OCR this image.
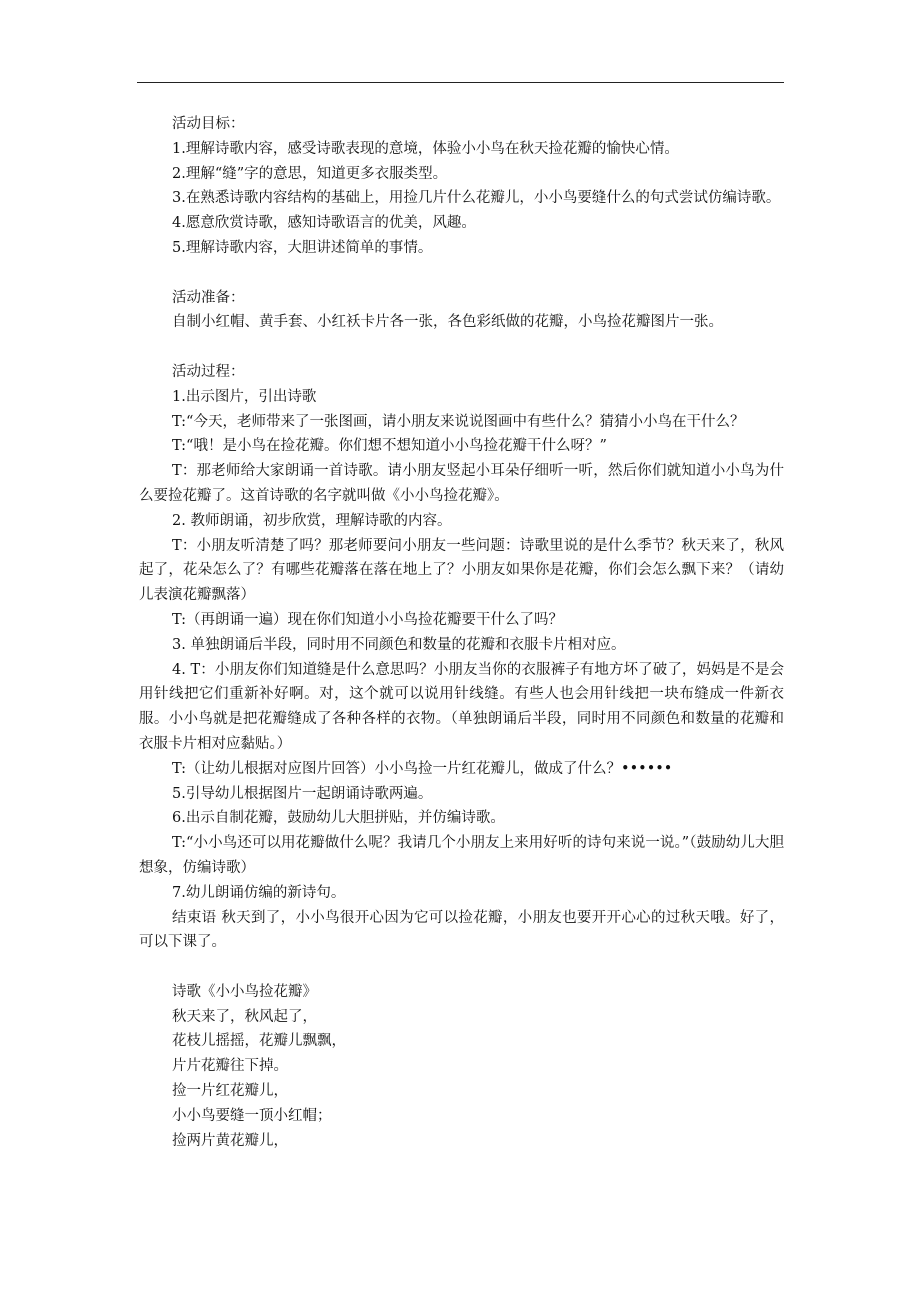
活动目标：

1.理解诗歌内容，感受诗歌表现的意境，体验小小鸟在秋天捡花瓣的愉快心情。

2.理解“缝”字的意思，知道更多衣服类型。

3.在熟悉诗歌内容结构的基础上，用捡几片什么花瓣儿，小小鸟要缝什么的句式尝试仿编诗歌。

4.愿意欣赏诗歌，感知诗歌语言的优美，风趣。

5.理解诗歌内容，大胆讲述简单的事情。

活动准备：

自制小红帽、黄手套、小红袄卡片各一张，各色彩纸做的花瓣，小鸟捡花瓣图片一张。

活动过程：

1.出示图片，引出诗歌

T:“今天，老师带来了一张图画，请小朋友来说说图画中有些什么？猜猜小小鸟在干什么？

T:“哦！是小鸟在捡花瓣。你们想不想知道小小鸟捡花瓣干什么呀？”

T：那老师给大家朗诵一首诗歌。请小朋友竖起小耳朵仔细听一听，然后你们就知道小小鸟为什么要捡花瓣了。这首诗歌的名字就叫做《小小鸟捡花瓣》。

2. 教师朗诵，初步欣赏，理解诗歌的内容。

T：小朋友听清楚了吗？那老师要问小朋友一些问题：诗歌里说的是什么季节？秋天来了，秋风起了，花朵怎么了？有哪些花瓣落在落在地上了？小朋友如果你是花瓣，你们会怎么飘下来？（请幼儿表演花瓣飘落）

T:（再朗诵一遍）现在你们知道小小鸟捡花瓣要干什么了吗？

3. 单独朗诵后半段，同时用不同颜色和数量的花瓣和衣服卡片相对应。

4. T：小朋友你们知道缝是什么意思吗？小朋友当你的衣服裤子有地方坏了破了，妈妈是不是会用针线把它们重新补好啊。对，这个就可以说用针线缝。有些人也会用针线把一块布缝成一件新衣服。小小鸟就是把花瓣缝成了各种各样的衣物。（单独朗诵后半段，同时用不同颜色和数量的花瓣和衣服卡片相对应黏贴。）

T:（让幼儿根据对应图片回答）小小鸟捡一片红花瓣儿，做成了什么？••••••

5.引导幼儿根据图片一起朗诵诗歌两遍。

6.出示自制花瓣，鼓励幼儿大胆拼贴，并仿编诗歌。

T:“小小鸟还可以用花瓣做什么呢？我请几个小朋友上来用好听的诗句来说一说。”（鼓励幼儿大胆想象，仿编诗歌）

7.幼儿朗诵仿编的新诗句。

结束语 秋天到了，小小鸟很开心因为它可以捡花瓣，小朋友也要开开心心的过秋天哦。好了，可以下课了。

诗歌《小小鸟捡花瓣》

秋天来了，秋风起了，

花枝儿摇摇，花瓣儿飘飘，

片片花瓣往下掉。

捡一片红花瓣儿，

小小鸟要缝一顶小红帽；

捡两片黄花瓣儿，
